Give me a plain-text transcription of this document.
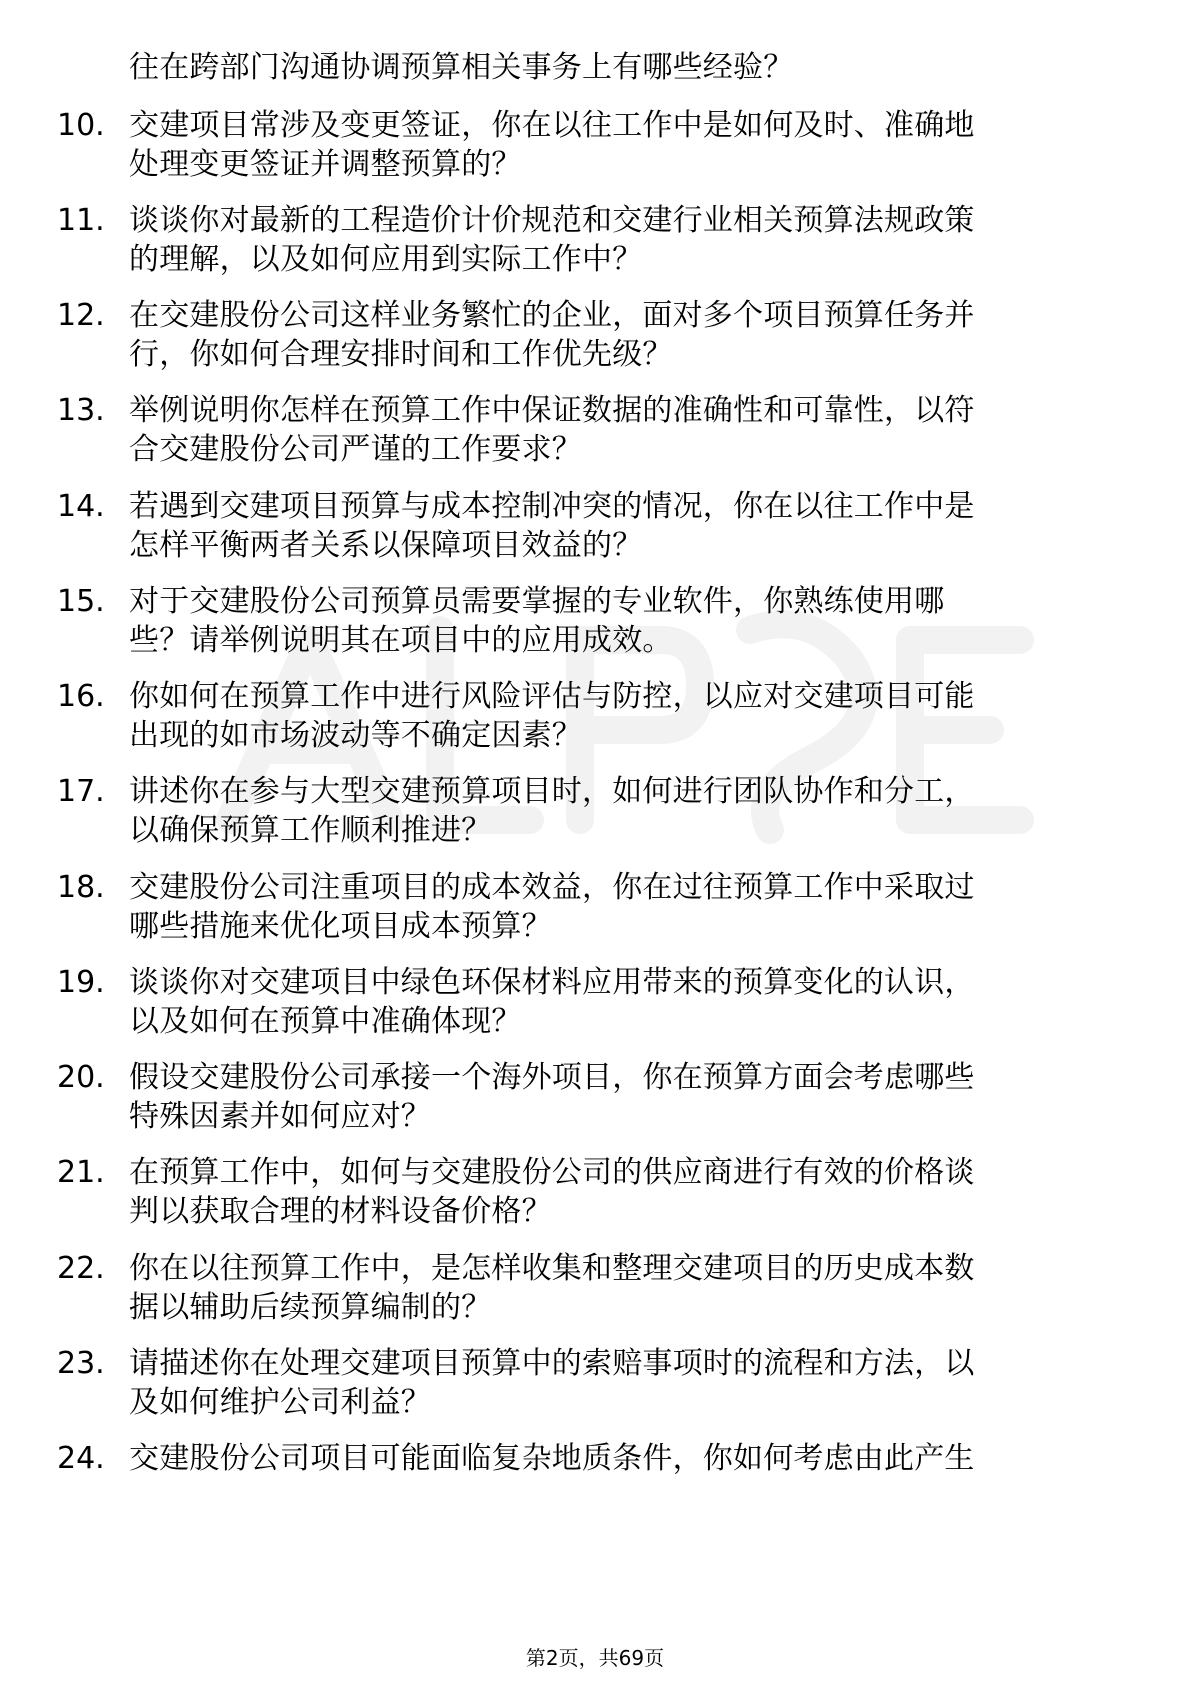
往在跨部门沟通协调预算相关事务上有哪些经验？
10. 交建项目常涉及变更签证，你在以往工作中是如何及时、准确地
处理变更签证并调整预算的？
11. 谈谈你对最新的工程造价计价规范和交建行业相关预算法规政策
的理解，以及如何应用到实际工作中？
12. 在交建股份公司这样业务繁忙的企业，面对多个项目预算任务并
行，你如何合理安排时间和工作优先级？
13. 举例说明你怎样在预算工作中保证数据的准确性和可靠性，以符
合交建股份公司严谨的工作要求？
14. 若遇到交建项目预算与成本控制冲突的情况，你在以往工作中是
怎样平衡两者关系以保障项目效益的？
15. 对于交建股份公司预算员需要掌握的专业软件，你熟练使用哪
些？请举例说明其在项目中的应用成效。
16. 你如何在预算工作中进行风险评估与防控，以应对交建项目可能
出现的如市场波动等不确定因素？
17. 讲述你在参与大型交建预算项目时，如何进行团队协作和分工，
以确保预算工作顺利推进？
18. 交建股份公司注重项目的成本效益，你在过往预算工作中采取过
哪些措施来优化项目成本预算？
19. 谈谈你对交建项目中绿色环保材料应用带来的预算变化的认识，
以及如何在预算中准确体现？
20. 假设交建股份公司承接一个海外项目，你在预算方面会考虑哪些
特殊因素并如何应对？
21. 在预算工作中，如何与交建股份公司的供应商进行有效的价格谈
判以获取合理的材料设备价格？
22. 你在以往预算工作中，是怎样收集和整理交建项目的历史成本数
据以辅助后续预算编制的？
23. 请描述你在处理交建项目预算中的索赔事项时的流程和方法，以
及如何维护公司利益？
24. 交建股份公司项目可能面临复杂地质条件，你如何考虑由此产生
第2页，共69页
